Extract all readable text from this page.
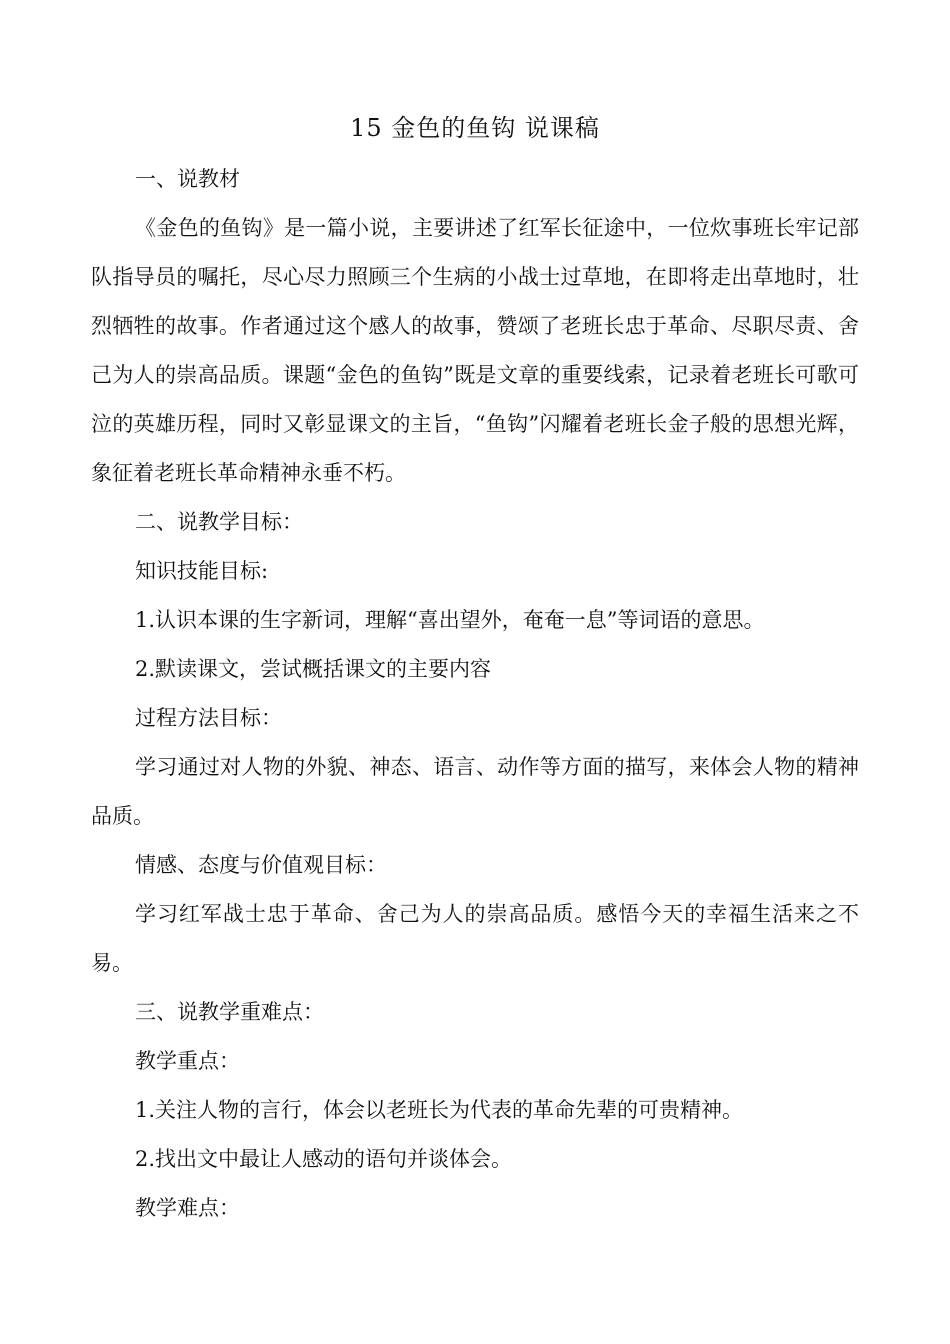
15 金色的鱼钩 说课稿

一、说教材

《金色的鱼钩》是一篇小说，主要讲述了红军长征途中，一位炊事班长牢记部队指导员的嘱托，尽心尽力照顾三个生病的小战士过草地，在即将走出草地时，壮烈牺牲的故事。作者通过这个感人的故事，赞颂了老班长忠于革命、尽职尽责、舍己为人的崇高品质。课题“金色的鱼钩”既是文章的重要线索，记录着老班长可歌可泣的英雄历程，同时又彰显课文的主旨，“鱼钩”闪耀着老班长金子般的思想光辉，象征着老班长革命精神永垂不朽。

二、说教学目标：

知识技能目标:

1.认识本课的生字新词，理解“喜出望外，奄奄一息”等词语的意思。

2.默读课文，尝试概括课文的主要内容

过程方法目标：

学习通过对人物的外貌、神态、语言、动作等方面的描写，来体会人物的精神品质。

情感、态度与价值观目标：

学习红军战士忠于革命、舍己为人的崇高品质。感悟今天的幸福生活来之不易。

三、说教学重难点：

教学重点：

1.关注人物的言行，体会以老班长为代表的革命先辈的可贵精神。

2.找出文中最让人感动的语句并谈体会。

教学难点：
